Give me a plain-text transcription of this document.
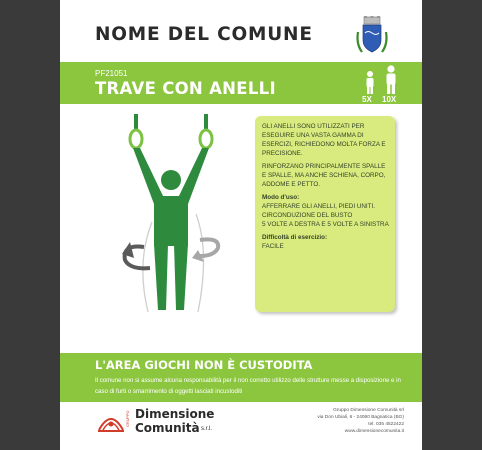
NOME DEL COMUNE
PF21051
TRAVE CON ANELLI
5X 10X

GLI ANELLI SONO UTILIZZATI PER ESEGUIRE UNA VASTA GAMMA DI ESERCIZI, RICHIEDONO MOLTA FORZA E PRECISIONE.

RINFORZANO PRINCIPALMENTE SPALLE E SPALLE, MA ANCHE SCHIENA, CORPO, ADDOME E PETTO.

Modo d'uso:

AFFERRARE GLI ANELLI, PIEDI UNITI.

CIRCONDUZIONE DEL BUSTO

5 VOLTE A DESTRA E 5 VOLTE A SINISTRA

Difficoltà di esercizio:

FACILE

L'AREA GIOCHI NON È CUSTODITA
Il comune non si assume alcuna responsabilità per il non corretto utilizzo delle strutture messe a disposizione e in caso di furti o smarrimento di oggetti lasciati incustoditi
GRUPPO Dimensione
Comunità s.r.l.
Gruppo Dimensione Comunità srl
via Don Ubiali, 6 - 24060 Bagnatica (BG)
tel. 035 4522422
www.dimensionecomunita.it
